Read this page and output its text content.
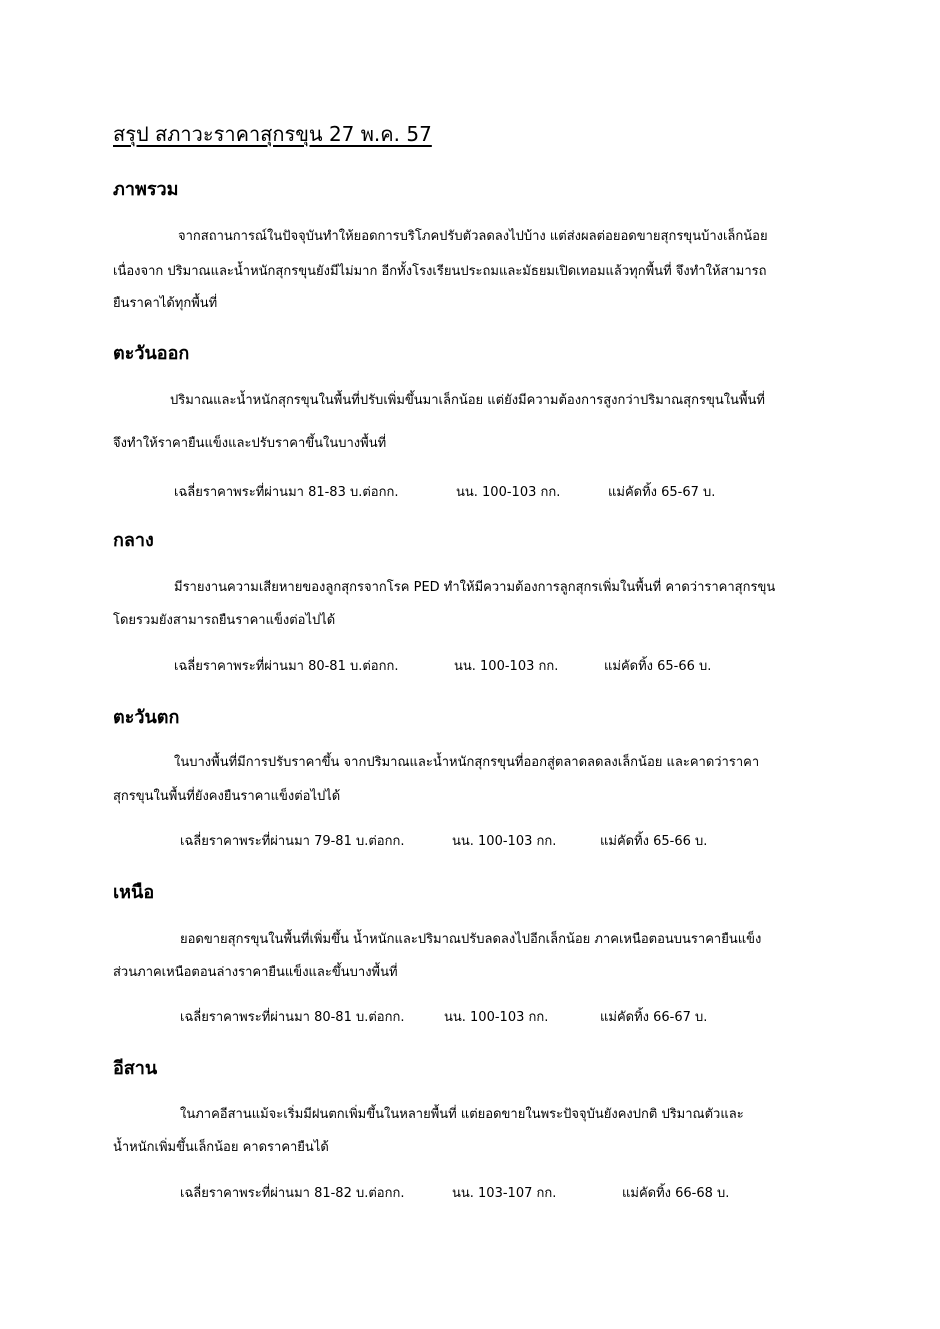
สรุป สภาวะราคาสุกรขุน 27 พ.ค. 57
ภาพรวม
จากสถานการณ์ในปัจจุบันทำให้ยอดการบริโภคปรับตัวลดลงไปบ้าง แต่ส่งผลต่อยอดขายสุกรขุนบ้างเล็กน้อย
เนื่องจาก ปริมาณและน้ำหนักสุกรขุนยังมีไม่มาก อีกทั้งโรงเรียนประถมและมัธยมเปิดเทอมแล้วทุกพื้นที่ จึงทำให้สามารถ
ยืนราคาได้ทุกพื้นที่
ตะวันออก
ปริมาณและน้ำหนักสุกรขุนในพื้นที่ปรับเพิ่มขึ้นมาเล็กน้อย แต่ยังมีความต้องการสูงกว่าปริมาณสุกรขุนในพื้นที่
จึงทำให้ราคายืนแข็งและปรับราคาขึ้นในบางพื้นที่
เฉลี่ยราคาพระที่ผ่านมา 81-83 บ.ต่อกก.	นน. 100-103 กก.	แม่คัดทิ้ง 65-67 บ.
กลาง
มีรายงานความเสียหายของลูกสุกรจากโรค PED ทำให้มีความต้องการลูกสุกรเพิ่มในพื้นที่ คาดว่าราคาสุกรขุน
โดยรวมยังสามารถยืนราคาแข็งต่อไปได้
เฉลี่ยราคาพระที่ผ่านมา 80-81 บ.ต่อกก.	นน. 100-103 กก.	แม่คัดทิ้ง 65-66 บ.
ตะวันตก
ในบางพื้นที่มีการปรับราคาขึ้น จากปริมาณและน้ำหนักสุกรขุนที่ออกสู่ตลาดลดลงเล็กน้อย และคาดว่าราคา
สุกรขุนในพื้นที่ยังคงยืนราคาแข็งต่อไปได้
เฉลี่ยราคาพระที่ผ่านมา 79-81 บ.ต่อกก.	นน. 100-103 กก.	แม่คัดทิ้ง 65-66 บ.
เหนือ
ยอดขายสุกรขุนในพื้นที่เพิ่มขึ้น น้ำหนักและปริมาณปรับลดลงไปอีกเล็กน้อย ภาคเหนือตอนบนราคายืนแข็ง
ส่วนภาคเหนือตอนล่างราคายืนแข็งและขึ้นบางพื้นที่
เฉลี่ยราคาพระที่ผ่านมา 80-81 บ.ต่อกก.	นน. 100-103 กก.	แม่คัดทิ้ง 66-67 บ.
อีสาน
ในภาคอีสานแม้จะเริ่มมีฝนตกเพิ่มขึ้นในหลายพื้นที่ แต่ยอดขายในพระปัจจุบันยังคงปกติ ปริมาณตัวและ
น้ำหนักเพิ่มขึ้นเล็กน้อย คาดราคายืนได้
เฉลี่ยราคาพระที่ผ่านมา 81-82 บ.ต่อกก.	นน. 103-107 กก.	แม่คัดทิ้ง 66-68 บ.
